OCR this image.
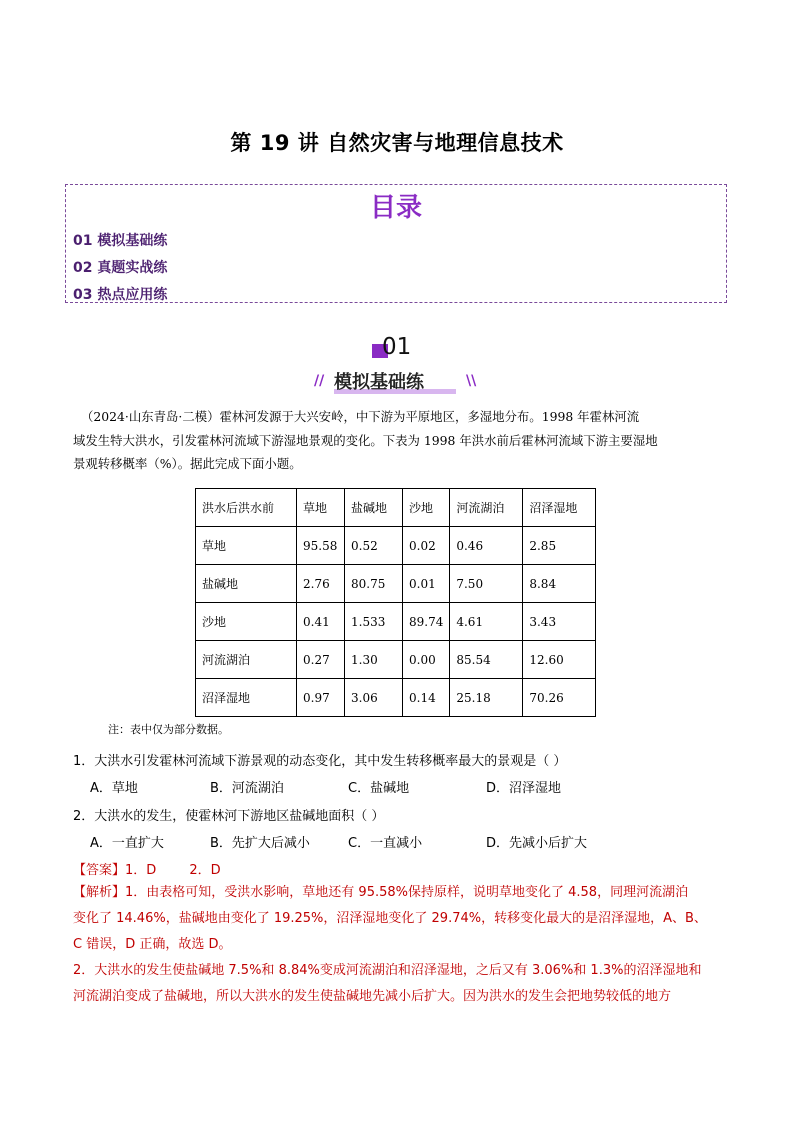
第 19 讲 自然灾害与地理信息技术
目录
01 模拟基础练
02 真题实战练
03 热点应用练
01
// 模拟基础练	\\
（2024·山东青岛·二模）霍林河发源于大兴安岭，中下游为平原地区，多湿地分布。1998 年霍林河流
域发生特大洪水，引发霍林河流域下游湿地景观的变化。下表为 1998 年洪水前后霍林河流域下游主要湿地
景观转移概率（%）。据此完成下面小题。
洪水后洪水前	草地	盐碱地	沙地	河流湖泊	沼泽湿地
草地	95.58	0.52	0.02	0.46	2.85
盐碱地	2.76	80.75	0.01	7.50	8.84
沙地	0.41	1.533	89.74	4.61	3.43
河流湖泊	0.27	1.30	0.00	85.54	12.60
沼泽湿地	0.97	3.06	0.14	25.18	70.26
注：表中仅为部分数据。
1．大洪水引发霍林河流域下游景观的动态变化，其中发生转移概率最大的景观是（ ）
A．草地	B．河流湖泊	C．盐碱地	D．沼泽湿地
2．大洪水的发生，使霍林河下游地区盐碱地面积（ ）
A．一直扩大	B．先扩大后减小	C．一直减小	D．先减小后扩大
【答案】1．D        2．D
【解析】1．由表格可知，受洪水影响，草地还有 95.58%保持原样，说明草地变化了 4.58，同理河流湖泊
变化了 14.46%，盐碱地由变化了 19.25%，沼泽湿地变化了 29.74%，转移变化最大的是沼泽湿地，A、B、
C 错误，D 正确，故选 D。
2．大洪水的发生使盐碱地 7.5%和 8.84%变成河流湖泊和沼泽湿地，之后又有 3.06%和 1.3%的沼泽湿地和
河流湖泊变成了盐碱地，所以大洪水的发生使盐碱地先减小后扩大。因为洪水的发生会把地势较低的地方
